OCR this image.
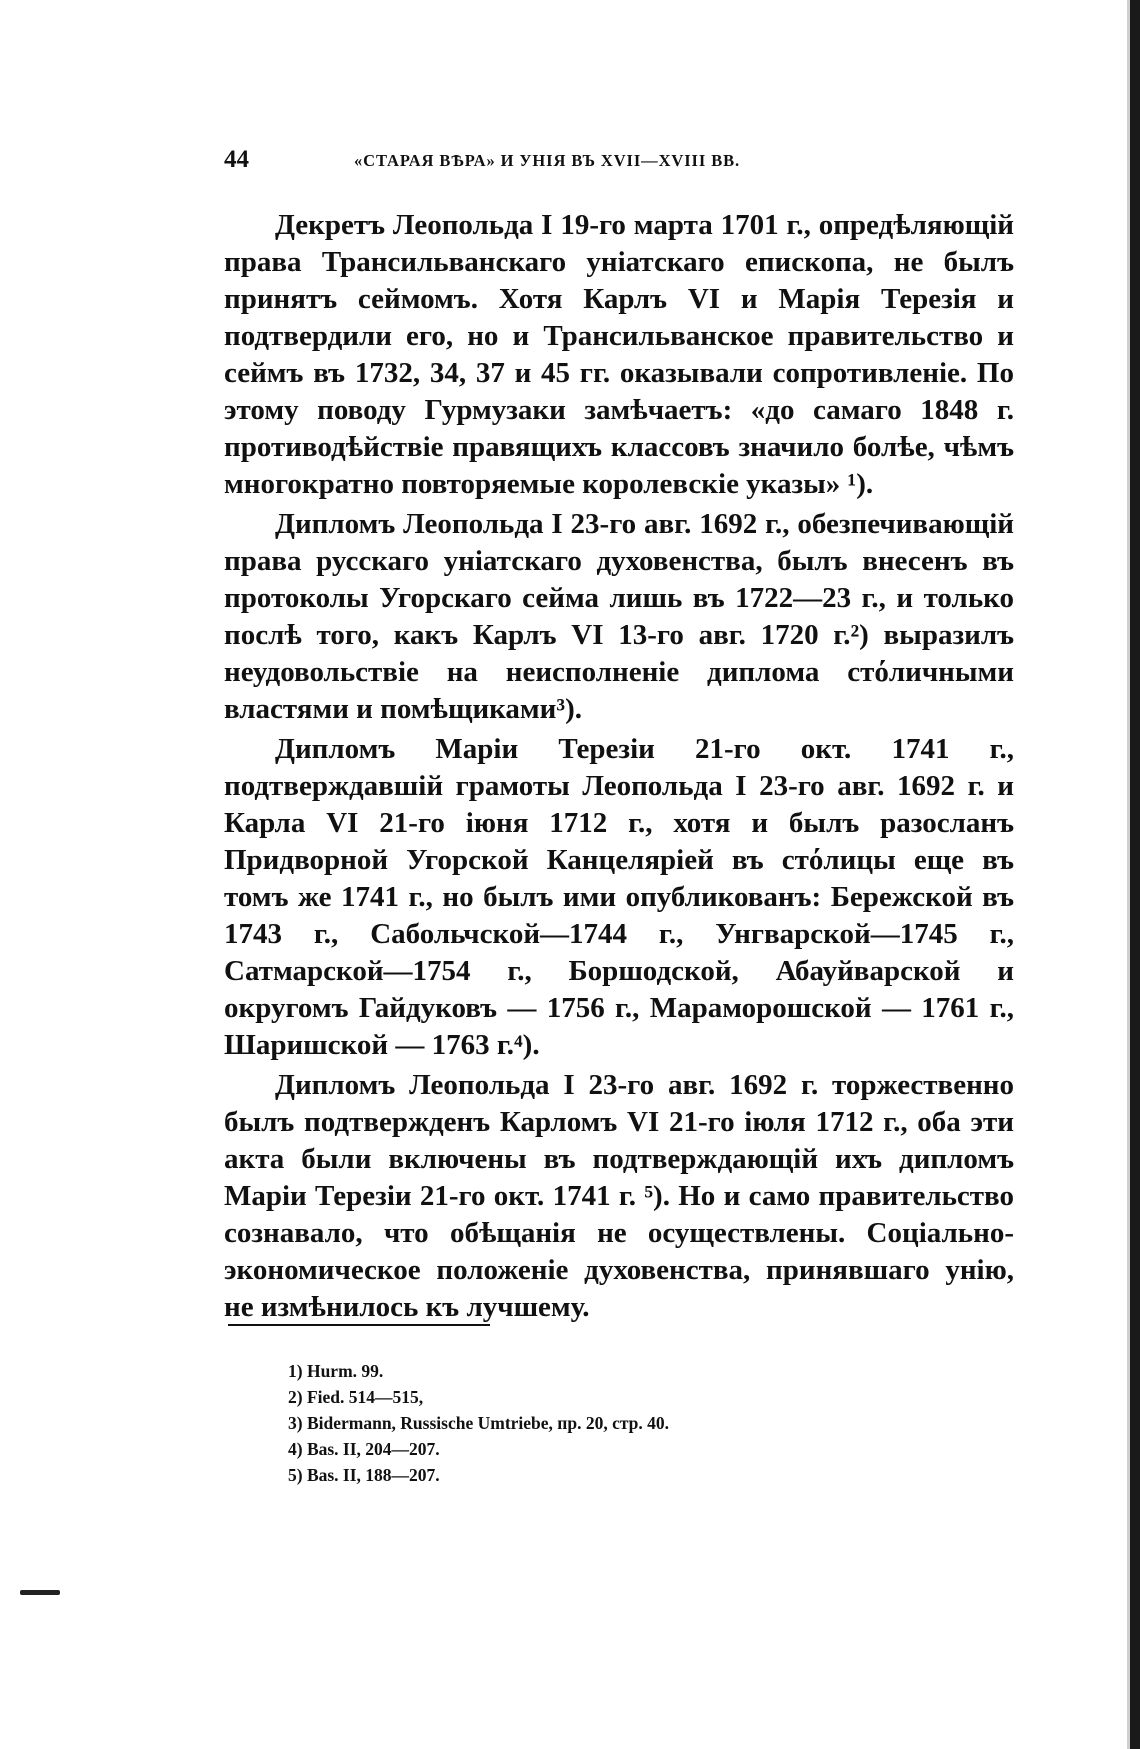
44	«СТАРАЯ ВѢРА» И УНІЯ ВЪ XVII—XVIII ВВ.

Декретъ Леопольда I 19-го марта 1701 г., опредѣляющій права Трансильванскаго уніатскаго епископа, не былъ принятъ сеймомъ. Хотя Карлъ VI и Марія Терезія и подтвердили его, но и Трансильванское правительство и сеймъ въ 1732, 34, 37 и 45 гг. оказывали сопротивленіе. По этому поводу Гурмузаки замѣчаетъ: «до самаго 1848 г. противодѣйствіе правящихъ классовъ значило болѣе, чѣмъ многократно повторяемые королевскіе указы» ¹).

Дипломъ Леопольда I 23-го авг. 1692 г., обезпечивающій права русскаго уніатскаго духовенства, былъ внесенъ въ протоколы Угорскаго сейма лишь въ 1722—23 г., и только послѣ того, какъ Карлъ VI 13-го авг. 1720 г.²) выразилъ неудовольствіе на неисполненіе диплома стόличными властями и помѣщиками³).

Дипломъ Маріи Терезіи 21-го окт. 1741 г., подтверждавшій грамоты Леопольда I 23-го авг. 1692 г. и Карла VI 21-го іюня 1712 г., хотя и былъ разосланъ Придворной Угорской Канцеляріей въ стόлицы еще въ томъ же 1741 г., но былъ ими опубликованъ: Бережской въ 1743 г., Сабольчской—1744 г., Унгварской—1745 г., Сатмарской—1754 г., Боршодской, Абауйварской и округомъ Гайдуковъ — 1756 г., Мараморошской — 1761 г., Шаришской — 1763 г.⁴).

Дипломъ Леопольда I 23-го авг. 1692 г. торжественно былъ подтвержденъ Карломъ VI 21-го іюля 1712 г., оба эти акта были включены въ подтверждающій ихъ дипломъ Маріи Терезіи 21-го окт. 1741 г. ⁵). Но и само правительство сознавало, что обѣщанія не осуществлены. Соціально-экономическое положеніе духовенства, принявшаго унію, не измѣнилось къ лучшему.

1) Hurm. 99.
2) Fied. 514—515,
3) Bidermann, Russische Umtriebe, пр. 20, стр. 40.
4) Bas. II, 204—207.
5) Bas. II, 188—207.
